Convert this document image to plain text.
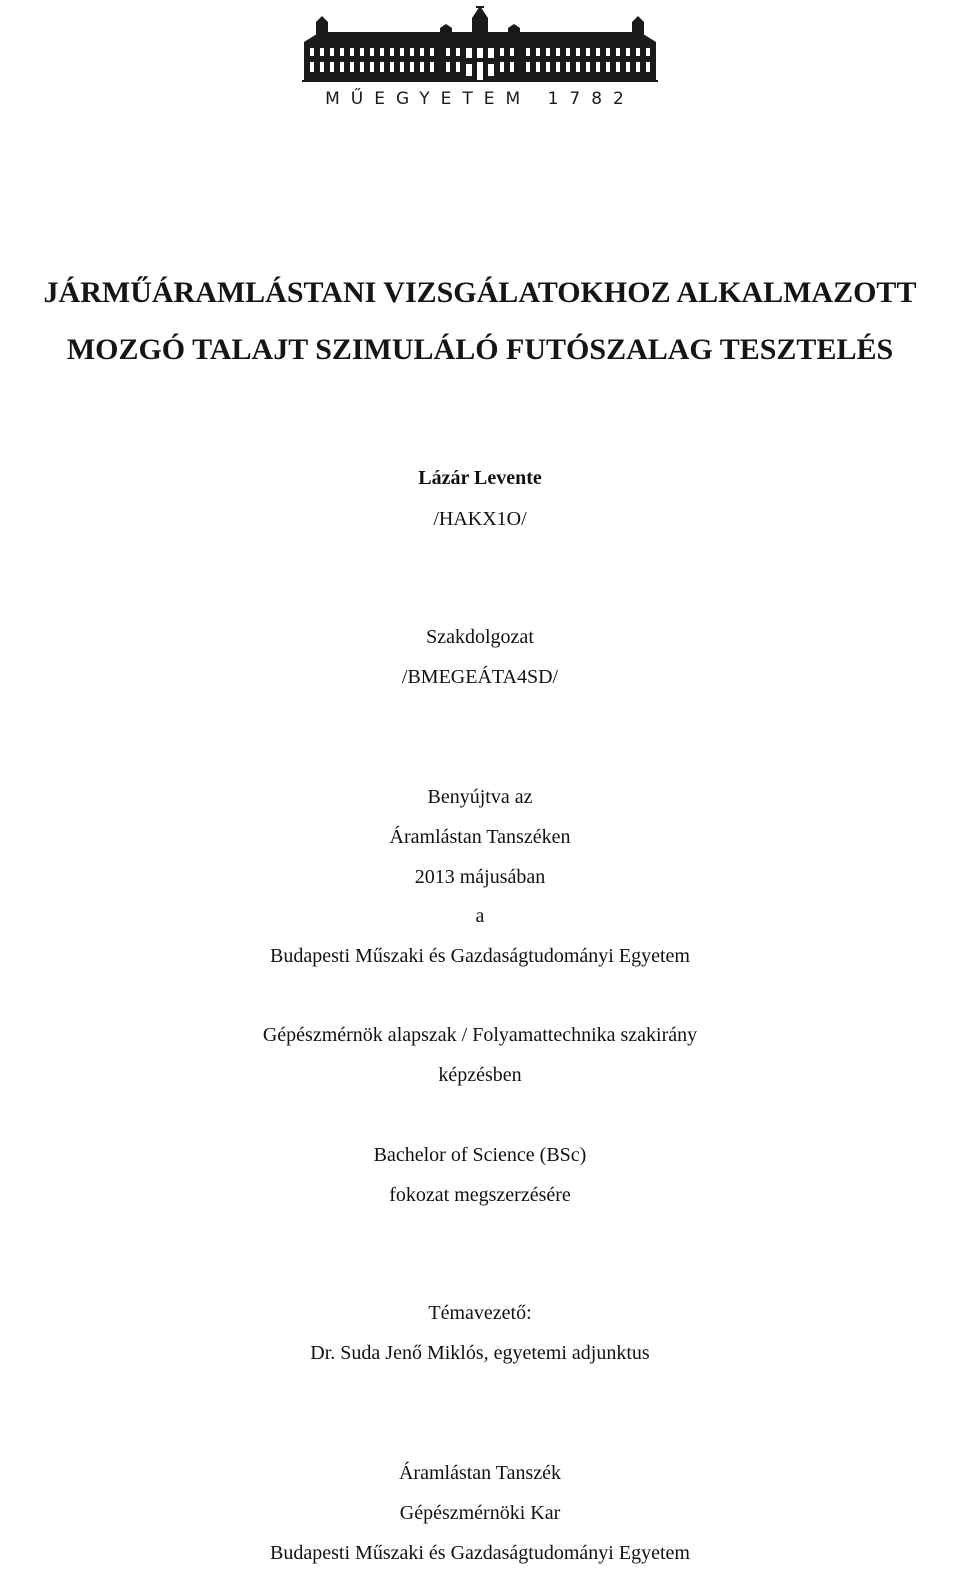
MŰEGYETEM 1782
JÁRMŰÁRAMLÁSTANI VIZSGÁLATOKHOZ ALKALMAZOTT
MOZGÓ TALAJT SZIMULÁLÓ FUTÓSZALAG TESZTELÉS
Lázár Levente
/HAKX1O/
Szakdolgozat
/BMEGEÁTA4SD/
Benyújtva az
Áramlástan Tanszéken
2013 májusában
a
Budapesti Műszaki és Gazdaságtudományi Egyetem
Gépészmérnök alapszak / Folyamattechnika szakirány
képzésben
Bachelor of Science (BSc)
fokozat megszerzésére
Témavezető:
Dr. Suda Jenő Miklós, egyetemi adjunktus
Áramlástan Tanszék
Gépészmérnöki Kar
Budapesti Műszaki és Gazdaságtudományi Egyetem
